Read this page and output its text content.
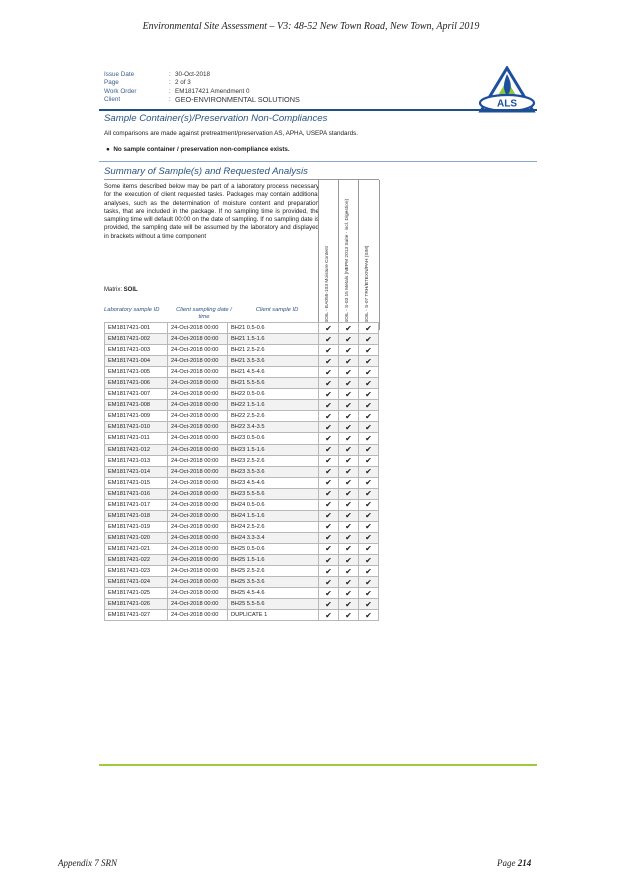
Environmental Site Assessment – V3: 48-52 New Town Road, New Town, April 2019
Issue Date	: 30-Oct-2018
Page	: 2 of 3
Work Order	: EM1817421 Amendment 0
Client	: GEO-ENVIRONMENTAL SOLUTIONS	ALS
Sample Container(s)/Preservation Non-Compliances
All comparisons are made against pretreatment/preservation AS, APHA, USEPA standards.
● No sample container / preservation non-compliance exists.
Summary of Sample(s) and Requested Analysis
Some items described below may be part of a laboratory process necessary for the execution of client requested tasks. Packages may contain additional analyses, such as the determination of moisture content and preparation tasks, that are included in the package. If no sampling time is provided, the sampling time will default 00:00 on the date of sampling. If no sampling date is provided, the sampling date will be assumed by the laboratory and displayed in brackets without a time component
Matrix: SOIL
Laboratory sample ID	Client sampling date / time
Client sample ID	SOIL - EA055-103 Moisture Content	SOIL - S-03 15 Metals (NEPM 2013 Suite - incl. Digestion)	SOIL - S-07 TRH/BTEXN/PAH (SIM)
EM1817421-001	24-Oct-2018 00:00	BH21 0.5-0.6	✔	✔	✔
EM1817421-002	24-Oct-2018 00:00	BH21 1.5-1.6	✔	✔	✔
EM1817421-003	24-Oct-2018 00:00	BH21 2.5-2.6	✔	✔	✔
EM1817421-004	24-Oct-2018 00:00	BH21 3.5-3.6	✔	✔	✔
EM1817421-005	24-Oct-2018 00:00	BH21 4.5-4.6	✔	✔	✔
EM1817421-006	24-Oct-2018 00:00	BH21 5.5-5.6	✔	✔	✔
EM1817421-007	24-Oct-2018 00:00	BH22 0.5-0.6	✔	✔	✔
EM1817421-008	24-Oct-2018 00:00	BH22 1.5-1.6	✔	✔	✔
EM1817421-009	24-Oct-2018 00:00	BH22 2.5-2.6	✔	✔	✔
EM1817421-010	24-Oct-2018 00:00	BH22 3.4-3.5	✔	✔	✔
EM1817421-011	24-Oct-2018 00:00	BH23 0.5-0.6	✔	✔	✔
EM1817421-012	24-Oct-2018 00:00	BH23 1.5-1.6	✔	✔	✔
EM1817421-013	24-Oct-2018 00:00	BH23 2.5-2.6	✔	✔	✔
EM1817421-014	24-Oct-2018 00:00	BH23 3.5-3.6	✔	✔	✔
EM1817421-015	24-Oct-2018 00:00	BH23 4.5-4.6	✔	✔	✔
EM1817421-016	24-Oct-2018 00:00	BH23 5.5-5.6	✔	✔	✔
EM1817421-017	24-Oct-2018 00:00	BH24 0.5-0.6	✔	✔	✔
EM1817421-018	24-Oct-2018 00:00	BH24 1.5-1.6	✔	✔	✔
EM1817421-019	24-Oct-2018 00:00	BH24 2.5-2.6	✔	✔	✔
EM1817421-020	24-Oct-2018 00:00	BH24 3.3-3.4	✔	✔	✔
EM1817421-021	24-Oct-2018 00:00	BH25 0.5-0.6	✔	✔	✔
EM1817421-022	24-Oct-2018 00:00	BH25 1.5-1.6	✔	✔	✔
EM1817421-023	24-Oct-2018 00:00	BH25 2.5-2.6	✔	✔	✔
EM1817421-024	24-Oct-2018 00:00	BH25 3.5-3.6	✔	✔	✔
EM1817421-025	24-Oct-2018 00:00	BH25 4.5-4.6	✔	✔	✔
EM1817421-026	24-Oct-2018 00:00	BH25 5.5-5.6	✔	✔	✔
EM1817421-027	24-Oct-2018 00:00	DUPLICATE 1	✔	✔	✔
Appendix 7 SRN	Page 214
